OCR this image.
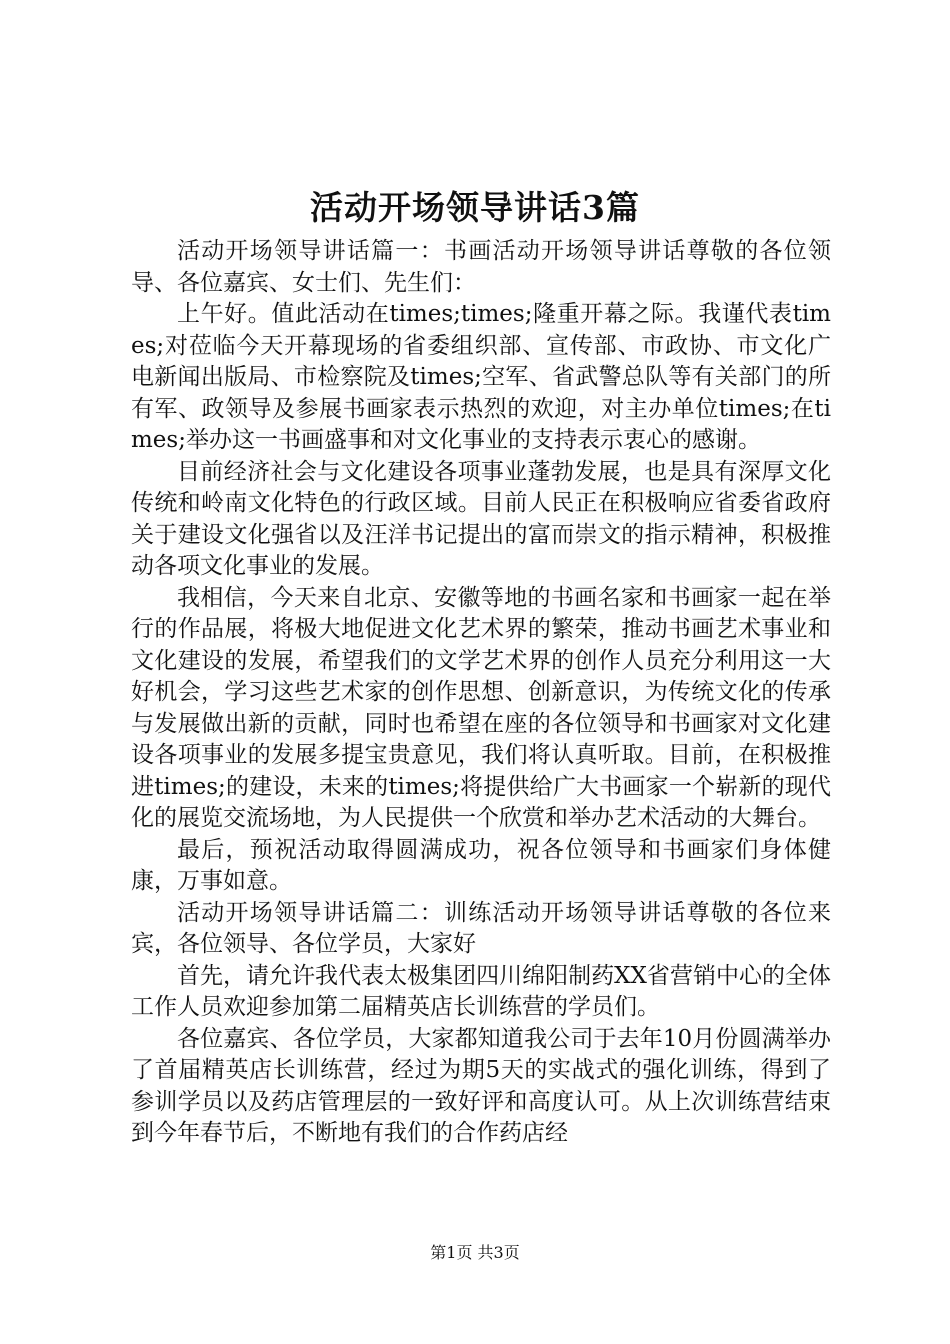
活动开场领导讲话3篇

活动开场领导讲话篇一：书画活动开场领导讲话尊敬的各位领导、各位嘉宾、女士们、先生们：

上午好。值此活动在times;times;隆重开幕之际。我谨代表times;对莅临今天开幕现场的省委组织部、宣传部、市政协、市文化广电新闻出版局、市检察院及times;空军、省武警总队等有关部门的所有军、政领导及参展书画家表示热烈的欢迎，对主办单位times;在times;举办这一书画盛事和对文化事业的支持表示衷心的感谢。

目前经济社会与文化建设各项事业蓬勃发展，也是具有深厚文化传统和岭南文化特色的行政区域。目前人民正在积极响应省委省政府关于建设文化强省以及汪洋书记提出的富而崇文的指示精神，积极推动各项文化事业的发展。

我相信，今天来自北京、安徽等地的书画名家和书画家一起在举行的作品展，将极大地促进文化艺术界的繁荣，推动书画艺术事业和文化建设的发展，希望我们的文学艺术界的创作人员充分利用这一大好机会，学习这些艺术家的创作思想、创新意识，为传统文化的传承与发展做出新的贡献，同时也希望在座的各位领导和书画家对文化建设各项事业的发展多提宝贵意见，我们将认真听取。目前，在积极推进times;的建设，未来的times;将提供给广大书画家一个崭新的现代化的展览交流场地，为人民提供一个欣赏和举办艺术活动的大舞台。

最后，预祝活动取得圆满成功，祝各位领导和书画家们身体健康，万事如意。

活动开场领导讲话篇二：训练活动开场领导讲话尊敬的各位来宾，各位领导、各位学员，大家好

首先，请允许我代表太极集团四川绵阳制药XX省营销中心的全体工作人员欢迎参加第二届精英店长训练营的学员们。

各位嘉宾、各位学员，大家都知道我公司于去年10月份圆满举办了首届精英店长训练营，经过为期5天的实战式的强化训练，得到了参训学员以及药店管理层的一致好评和高度认可。从上次训练营结束到今年春节后，不断地有我们的合作药店经

第1页 共3页
